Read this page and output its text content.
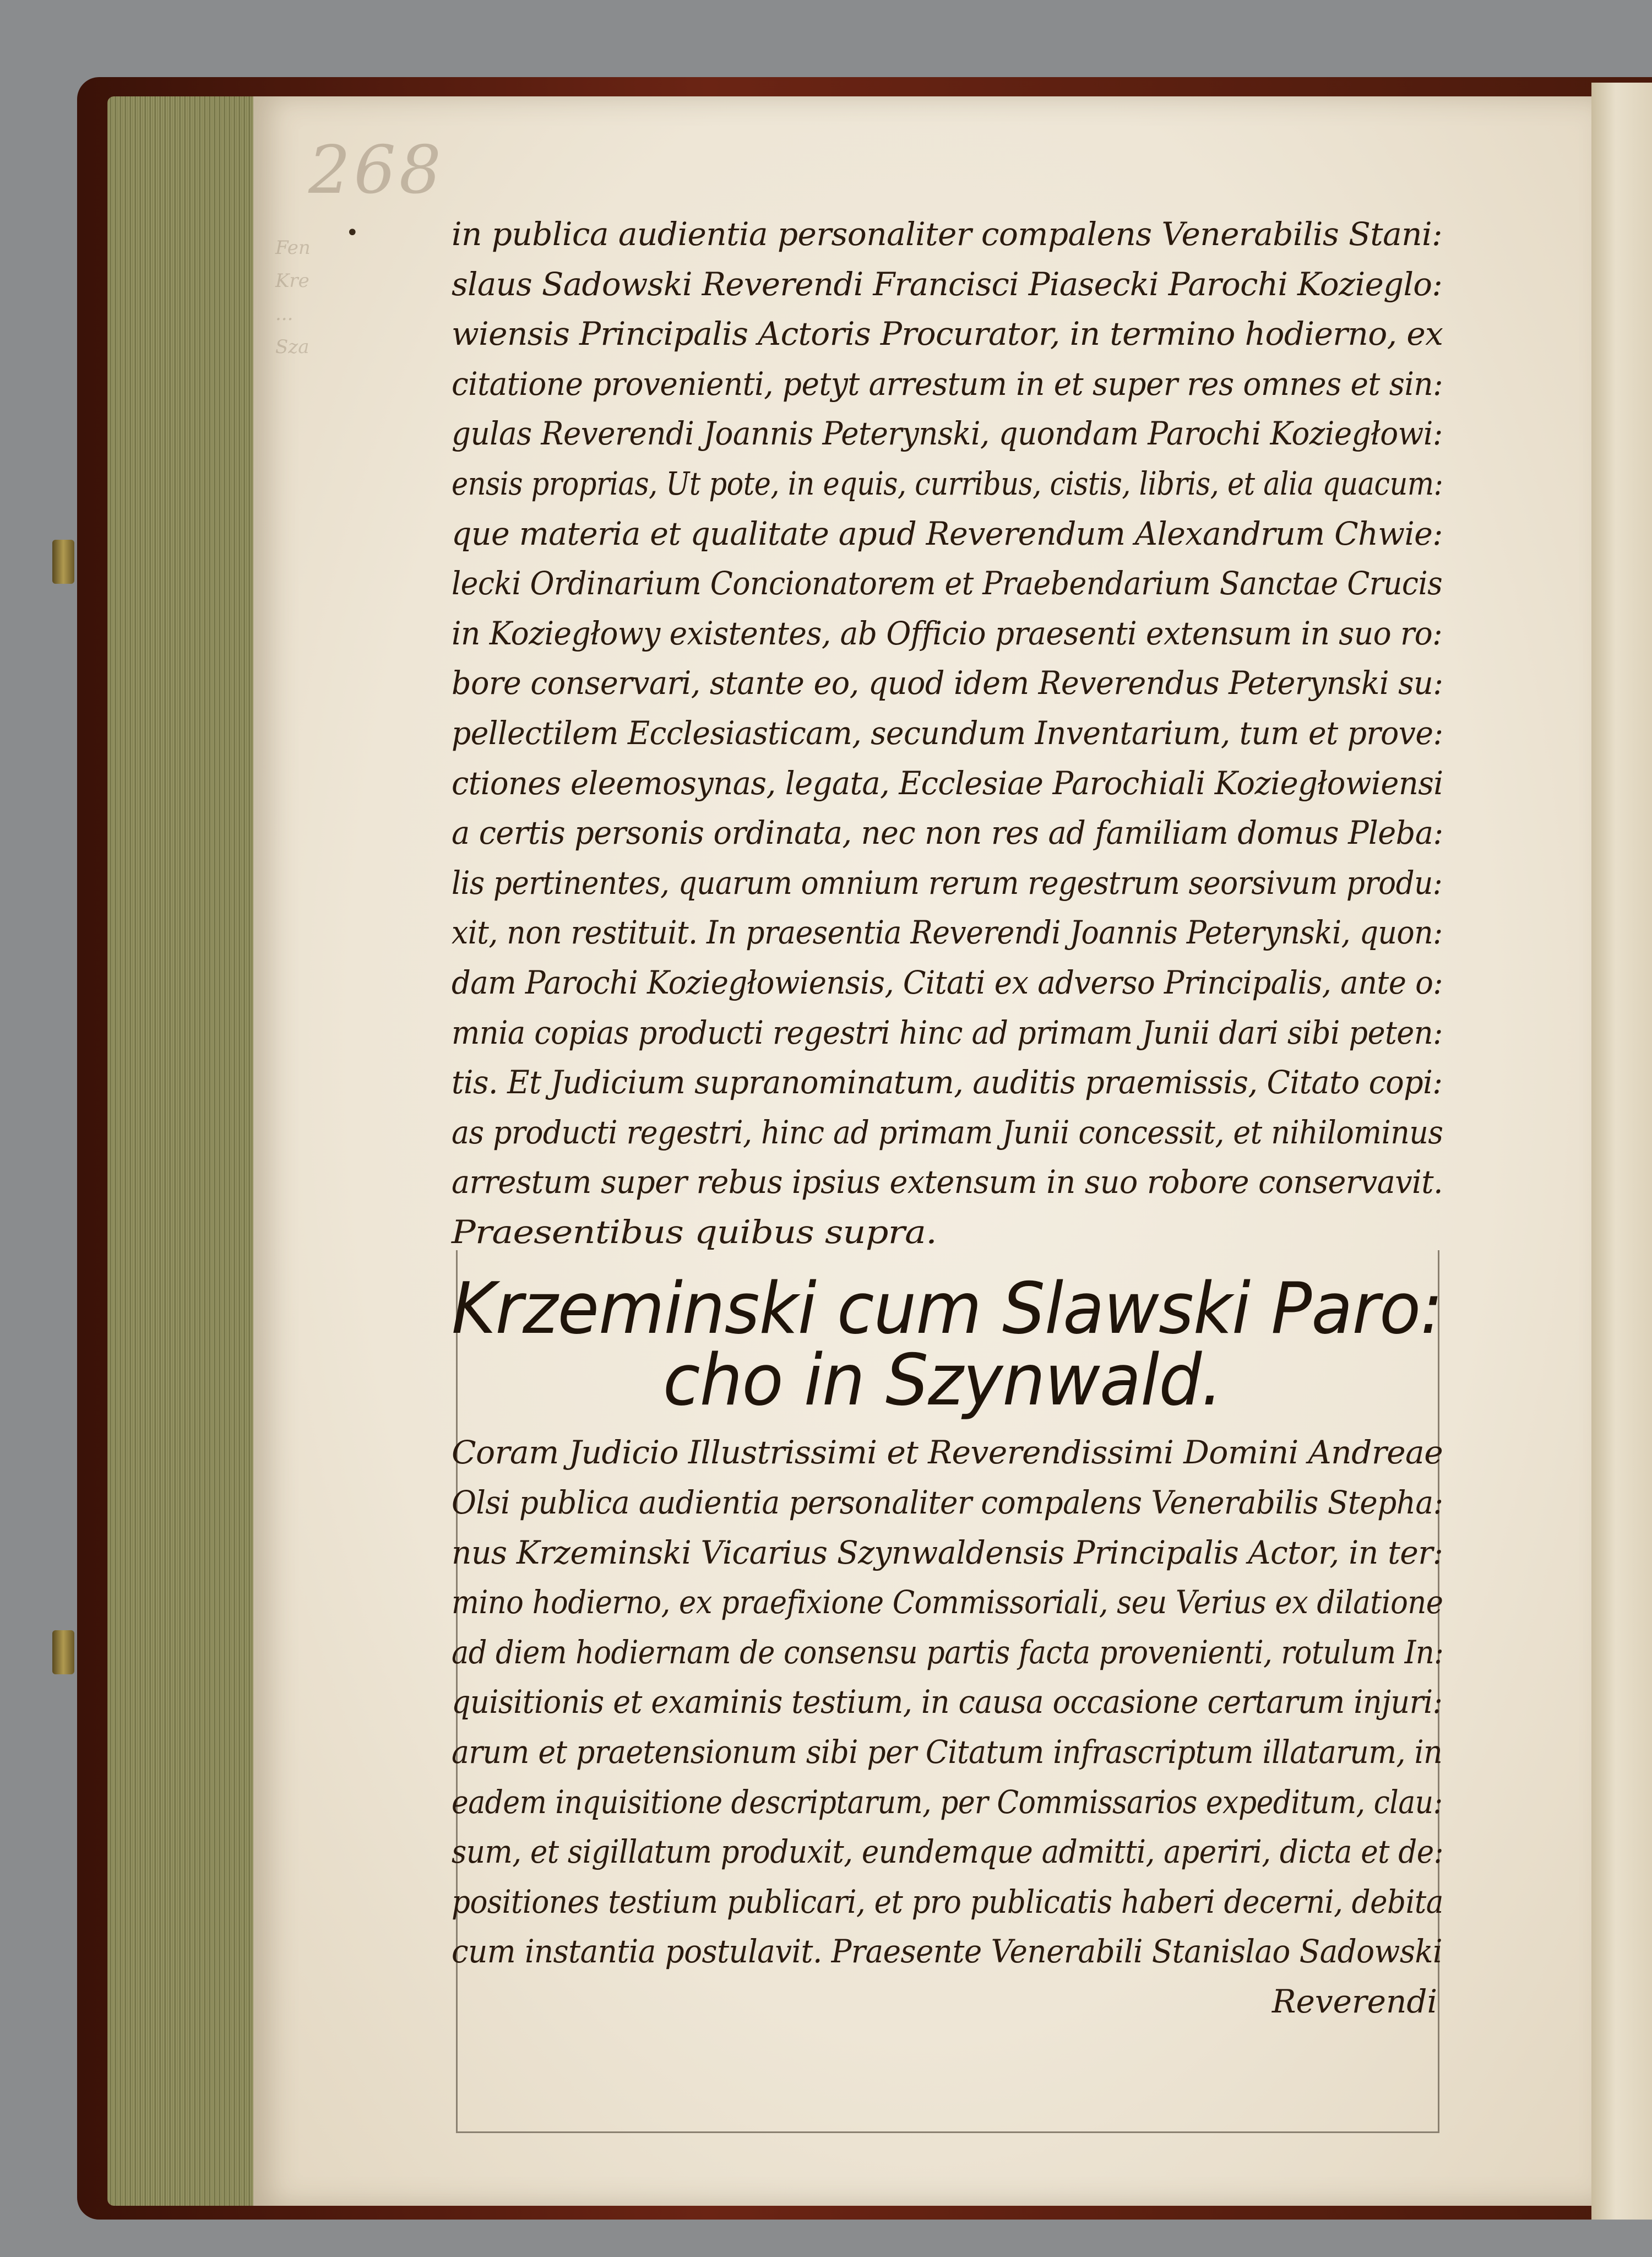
268
Fen
Kre
...
Sza
•	in publica audientia personaliter compalens Venerabilis Stani:
slaus Sadowski Reverendi Francisci Piasecki Parochi Kozieglo:
wiensis Principalis Actoris Procurator, in termino hodierno, ex
citatione provenienti, petyt arrestum in et super res omnes et sin:
gulas Reverendi Joannis Peterynski, quondam Parochi Koziegłowi:
ensis proprias, Ut pote, in equis, curribus, cistis, libris, et alia quacum:
que materia et qualitate apud Reverendum Alexandrum Chwie:
lecki Ordinarium Concionatorem et Praebendarium Sanctae Crucis
in Koziegłowy existentes, ab Officio praesenti extensum in suo ro:
bore conservari, stante eo, quod idem Reverendus Peterynski su:
pellectilem Ecclesiasticam, secundum Inventarium, tum et prove:
ctiones eleemosynas, legata, Ecclesiae Parochiali Koziegłowiensi
a certis personis ordinata, nec non res ad familiam domus Pleba:
lis pertinentes, quarum omnium rerum regestrum seorsivum produ:
xit, non restituit. In praesentia Reverendi Joannis Peterynski, quon:
dam Parochi Koziegłowiensis, Citati ex adverso Principalis, ante o:
mnia copias producti regestri hinc ad primam Junii dari sibi peten:
tis. Et Judicium supranominatum, auditis praemissis, Citato copi:
as producti regestri, hinc ad primam Junii concessit, et nihilominus
arrestum super rebus ipsius extensum in suo robore conservavit.
Praesentibus quibus supra.
Krzeminski cum Slawski Paro:
cho in Szynwald.
Coram Judicio Illustrissimi et Reverendissimi Domini Andreae
Olsi publica audientia personaliter compalens Venerabilis Stepha:
nus Krzeminski Vicarius Szynwaldensis Principalis Actor, in ter:
mino hodierno, ex praefixione Commissoriali, seu Verius ex dilatione
ad diem hodiernam de consensu partis facta provenienti, rotulum In:
quisitionis et examinis testium, in causa occasione certarum injuri:
arum et praetensionum sibi per Citatum infrascriptum illatarum, in
eadem inquisitione descriptarum, per Commissarios expeditum, clau:
sum, et sigillatum produxit, eundemque admitti, aperiri, dicta et de:
positiones testium publicari, et pro publicatis haberi decerni, debita
cum instantia postulavit. Praesente Venerabili Stanislao Sadowski
Reverendi
